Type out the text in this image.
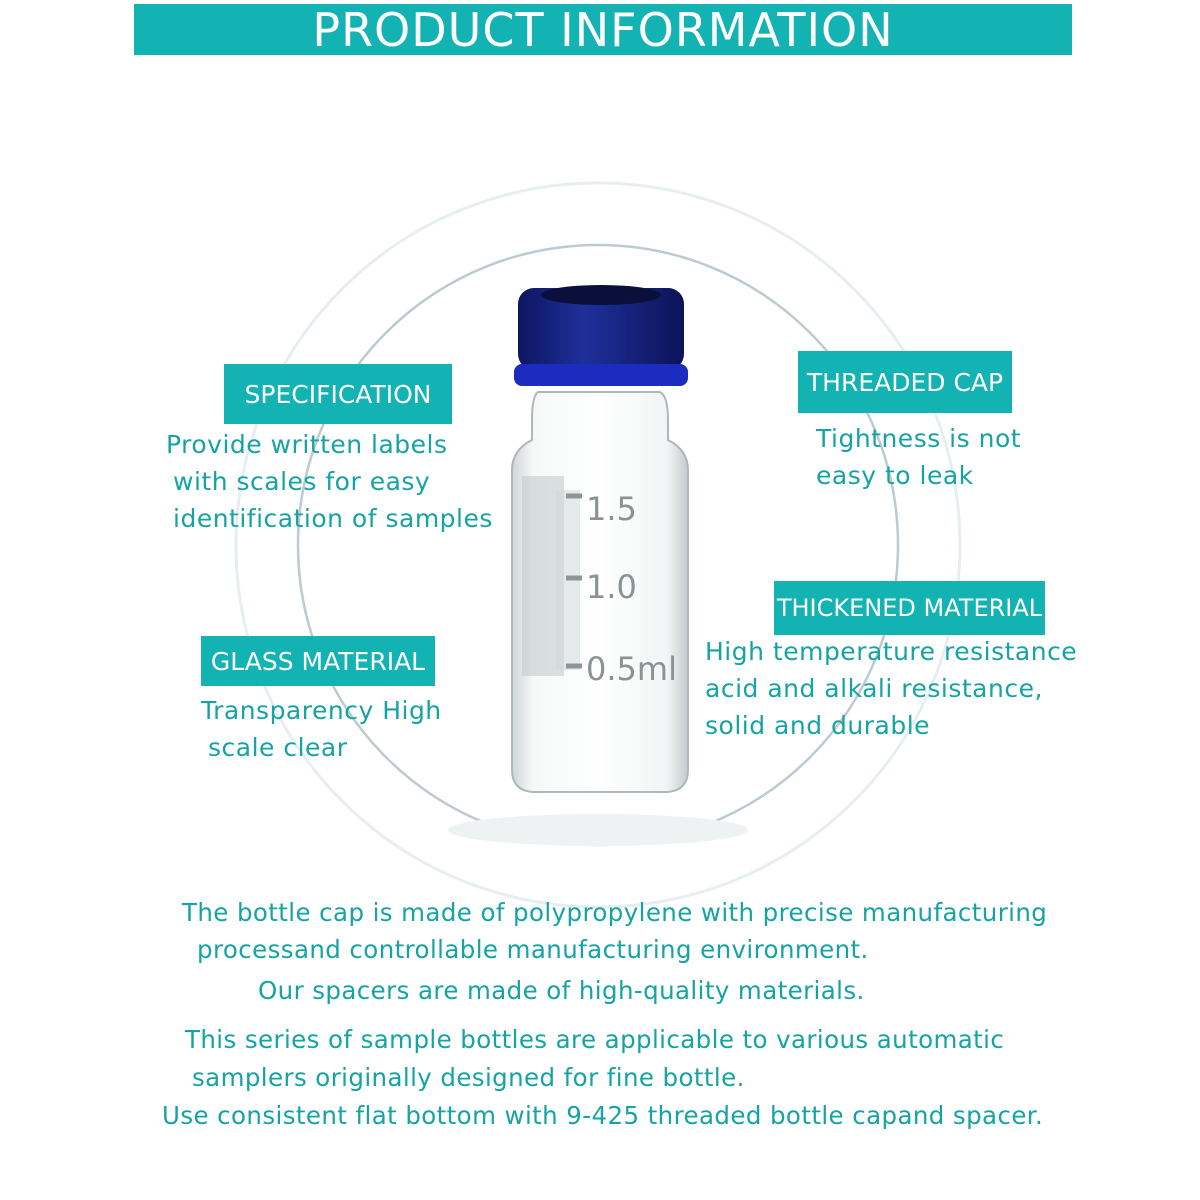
PRODUCT INFORMATION
1.5
1.0
0.5ml
SPECIFICATION
Provide written labels
with scales for easy
identification of samples
THREADED CAP
Tightness is not
easy to leak
GLASS MATERIAL
Transparency High
scale clear
THICKENED MATERIAL
High temperature resistance
acid and alkali resistance,
solid and durable
The bottle cap is made of polypropylene with precise manufacturing
processand controllable manufacturing environment.
Our spacers are made of high-quality materials.
This series of sample bottles are applicable to various automatic
samplers originally designed for fine bottle.
Use consistent flat bottom with 9-425 threaded bottle capand spacer.
